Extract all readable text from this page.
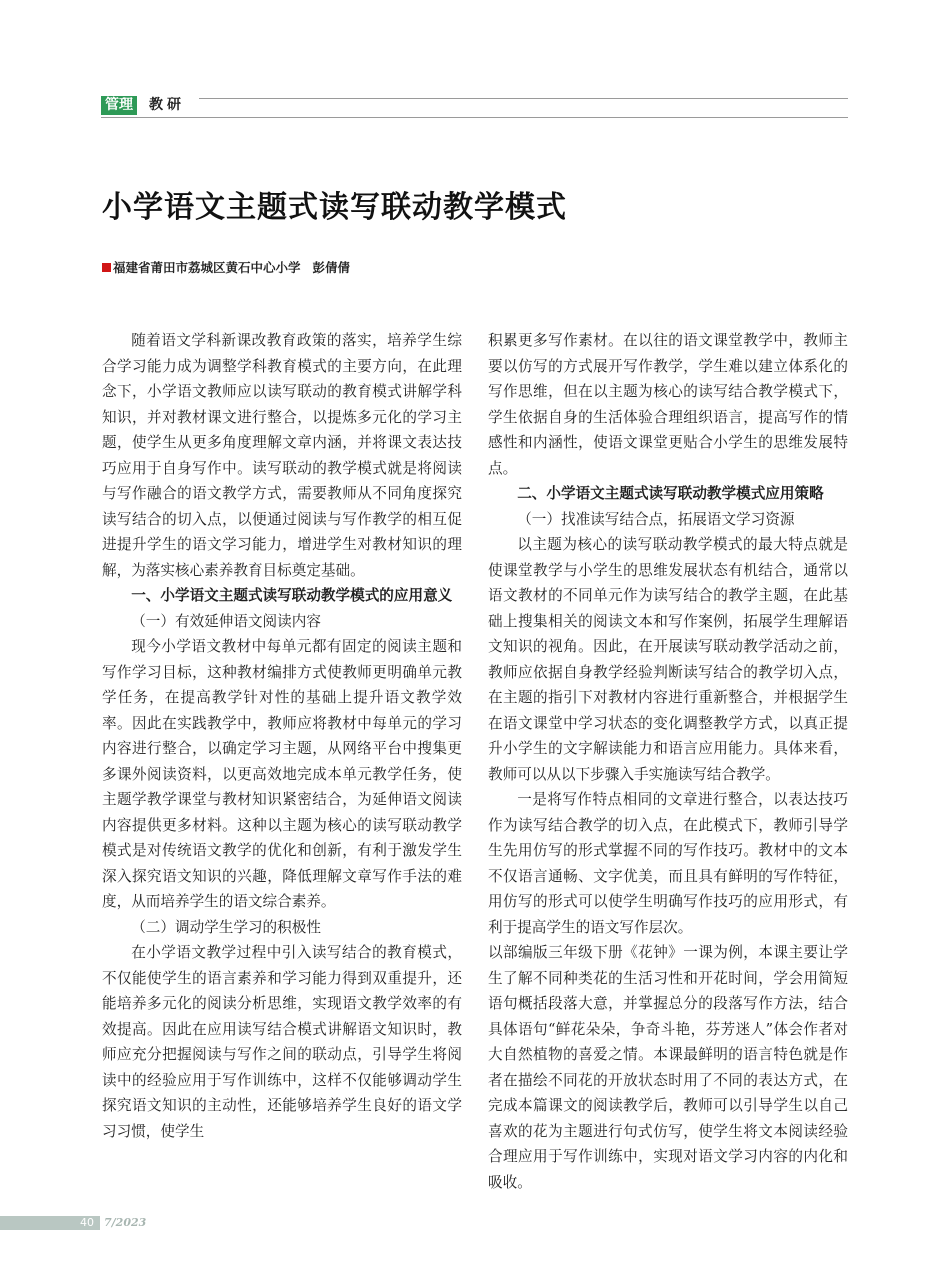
管理 教研
小学语文主题式读写联动教学模式
福建省莆田市荔城区黄石中心小学 彭倩倩

随着语文学科新课改教育政策的落实，培养学生综合学习能力成为调整学科教育模式的主要方向，在此理念下，小学语文教师应以读写联动的教育模式讲解学科知识，并对教材课文进行整合，以提炼多元化的学习主题，使学生从更多角度理解文章内涵，并将课文表达技巧应用于自身写作中。读写联动的教学模式就是将阅读与写作融合的语文教学方式，需要教师从不同角度探究读写结合的切入点，以便通过阅读与写作教学的相互促进提升学生的语文学习能力，增进学生对教材知识的理解，为落实核心素养教育目标奠定基础。

一、小学语文主题式读写联动教学模式的应用意义
（一）有效延伸语文阅读内容

现今小学语文教材中每单元都有固定的阅读主题和写作学习目标，这种教材编排方式使教师更明确单元教学任务，在提高教学针对性的基础上提升语文教学效率。因此在实践教学中，教师应将教材中每单元的学习内容进行整合，以确定学习主题，从网络平台中搜集更多课外阅读资料，以更高效地完成本单元教学任务，使主题学教学课堂与教材知识紧密结合，为延伸语文阅读内容提供更多材料。这种以主题为核心的读写联动教学模式是对传统语文教学的优化和创新，有利于激发学生深入探究语文知识的兴趣，降低理解文章写作手法的难度，从而培养学生的语文综合素养。

（二）调动学生学习的积极性

在小学语文教学过程中引入读写结合的教育模式，不仅能使学生的语言素养和学习能力得到双重提升，还能培养多元化的阅读分析思维，实现语文教学效率的有效提高。因此在应用读写结合模式讲解语文知识时，教师应充分把握阅读与写作之间的联动点，引导学生将阅读中的经验应用于写作训练中，这样不仅能够调动学生探究语文知识的主动性，还能够培养学生良好的语文学习习惯，使学生

积累更多写作素材。在以往的语文课堂教学中，教师主要以仿写的方式展开写作教学，学生难以建立体系化的写作思维，但在以主题为核心的读写结合教学模式下，学生依据自身的生活体验合理组织语言，提高写作的情感性和内涵性，使语文课堂更贴合小学生的思维发展特点。

二、小学语文主题式读写联动教学模式应用策略
（一）找准读写结合点，拓展语文学习资源

以主题为核心的读写联动教学模式的最大特点就是使课堂教学与小学生的思维发展状态有机结合，通常以语文教材的不同单元作为读写结合的教学主题，在此基础上搜集相关的阅读文本和写作案例，拓展学生理解语文知识的视角。因此，在开展读写联动教学活动之前，教师应依据自身教学经验判断读写结合的教学切入点，在主题的指引下对教材内容进行重新整合，并根据学生在语文课堂中学习状态的变化调整教学方式，以真正提升小学生的文字解读能力和语言应用能力。具体来看，教师可以从以下步骤入手实施读写结合教学。

一是将写作特点相同的文章进行整合，以表达技巧作为读写结合教学的切入点，在此模式下，教师引导学生先用仿写的形式掌握不同的写作技巧。教材中的文本不仅语言通畅、文字优美，而且具有鲜明的写作特征，用仿写的形式可以使学生明确写作技巧的应用形式，有利于提高学生的语文写作层次。

以部编版三年级下册《花钟》一课为例，本课主要让学生了解不同种类花的生活习性和开花时间，学会用简短语句概括段落大意，并掌握总分的段落写作方法，结合具体语句“鲜花朵朵，争奇斗艳，芬芳迷人”体会作者对大自然植物的喜爱之情。本课最鲜明的语言特色就是作者在描绘不同花的开放状态时用了不同的表达方式，在完成本篇课文的阅读教学后，教师可以引导学生以自己喜欢的花为主题进行句式仿写，使学生将文本阅读经验合理应用于写作训练中，实现对语文学习内容的内化和吸收。

40 7/2023
